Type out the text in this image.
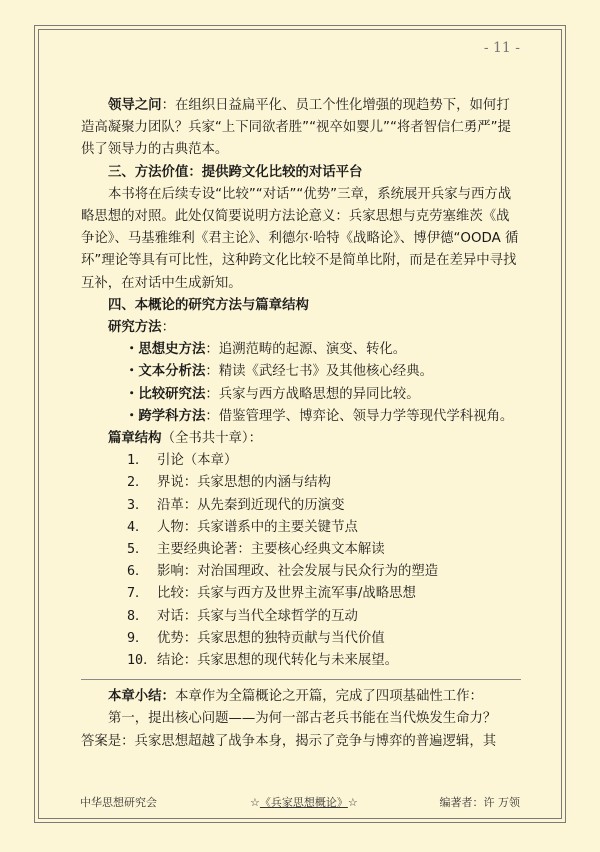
- 11 -

领导之问：在组织日益扁平化、员工个性化增强的现趋势下，如何打造高凝聚力团队？兵家“上下同欲者胜”“视卒如婴儿”“将者智信仁勇严”提供了领导力的古典范本。

三、方法价值：提供跨文化比较的对话平台

本书将在后续专设“比较”“对话”“优势”三章，系统展开兵家与西方战略思想的对照。此处仅简要说明方法论意义：兵家思想与克劳塞维茨《战争论》、马基雅维利《君主论》、利德尔·哈特《战略论》、博伊德“OODA 循环”理论等具有可比性，这种跨文化比较不是简单比附，而是在差异中寻找互补，在对话中生成新知。

四、本概论的研究方法与篇章结构

研究方法：

・思想史方法：追溯范畴的起源、演变、转化。

・文本分析法：精读《武经七书》及其他核心经典。

・比较研究法：兵家与西方战略思想的异同比较。

・跨学科方法：借鉴管理学、博弈论、领导力学等现代学科视角。

篇章结构（全书共十章）：

1． 引论（本章）

2． 界说：兵家思想的内涵与结构

3． 沿革：从先秦到近现代的历演变

4． 人物：兵家谱系中的主要关键节点

5． 主要经典论著：主要核心经典文本解读

6． 影响：对治国理政、社会发展与民众行为的塑造

7． 比较：兵家与西方及世界主流军事/战略思想

8． 对话：兵家与当代全球哲学的互动

9． 优势：兵家思想的独特贡献与当代价值

10．结论：兵家思想的现代转化与未来展望。

本章小结：本章作为全篇概论之开篇，完成了四项基础性工作：

第一，提出核心问题——为何一部古老兵书能在当代焕发生命力？

答案是：兵家思想超越了战争本身，揭示了竞争与博弈的普遍逻辑，其

中华思想研究会	☆《兵家思想概论》☆	编著者：许 万领
